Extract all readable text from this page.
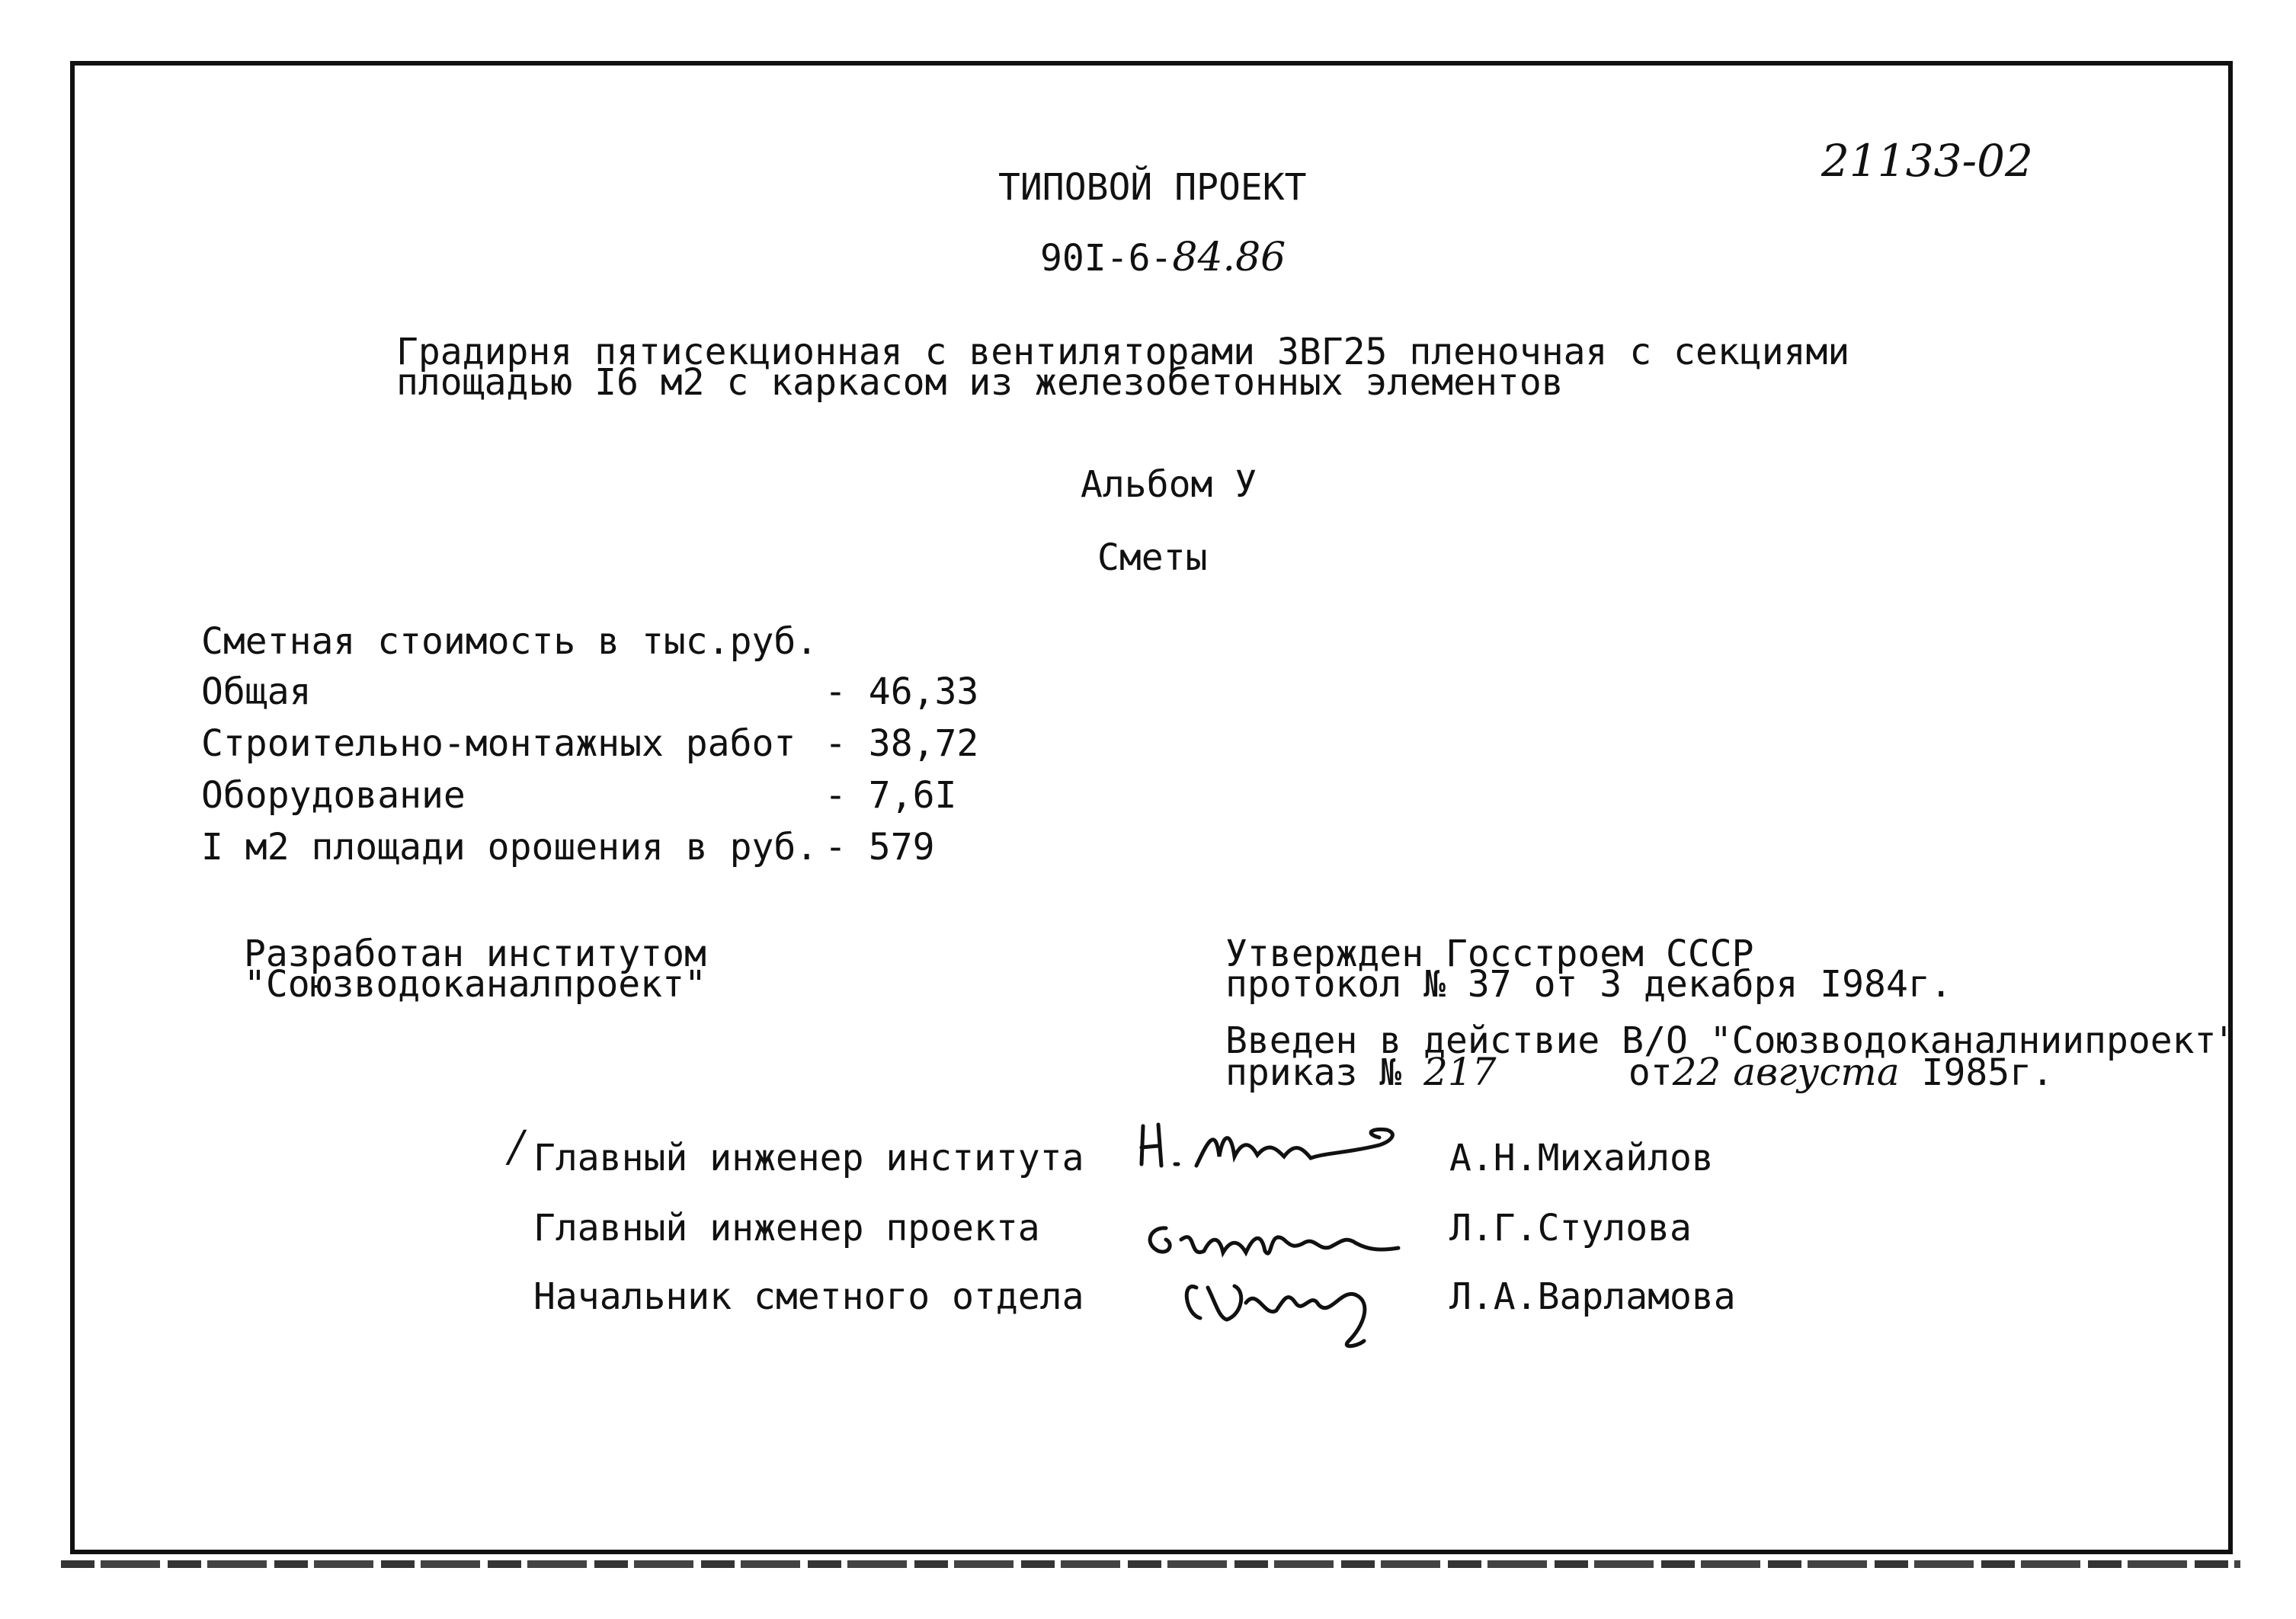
21133-02
ТИПОВОЙ ПРОЕКТ
90I-6-84.86
Градирня пятисекционная с вентиляторами 3ВГ25 пленочная с секциями
площадью I6 м2 с каркасом из железобетонных элементов
Альбом У
Сметы
Сметная стоимость в тыс.руб.
Общая	- 46,33
Строительно-монтажных работ - 38,72
Оборудование	- 7,6I
I м2 площади орошения в руб. - 579
Разработан институтом
"Союзводоканалпроект"
Утвержден Госстроем СССР
протокол № 37 от 3 декабря I984г.
Введен в действие В/О "Союзводоканалниипроект"
приказ № 217      от22 августа I985г.
/ Главный инженер института	А.Н.Михайлов
Главный инженер проекта	Л.Г.Стулова
Начальник сметного отдела	Л.А.Варламова
